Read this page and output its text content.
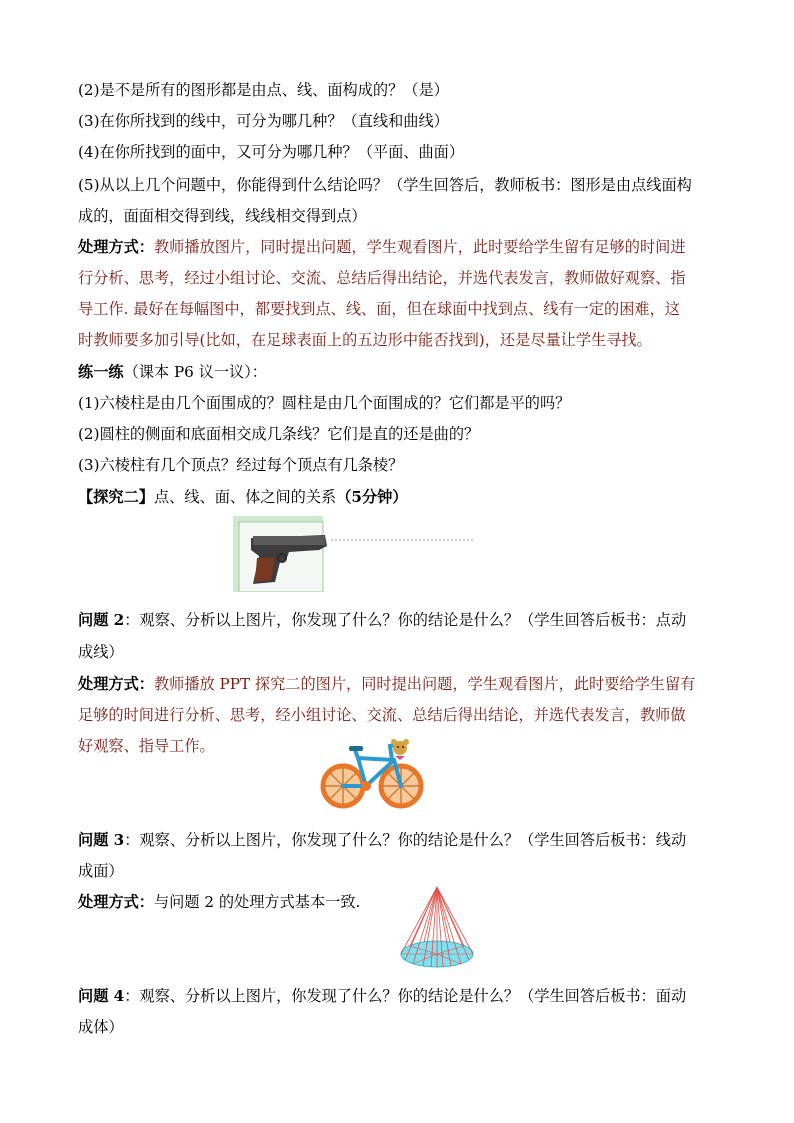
(2)是不是所有的图形都是由点、线、面构成的？（是）
(3)在你所找到的线中，可分为哪几种？（直线和曲线）
(4)在你所找到的面中，又可分为哪几种？（平面、曲面）
(5)从以上几个问题中，你能得到什么结论吗？（学生回答后，教师板书：图形是由点线面构
成的，面面相交得到线，线线相交得到点）
处理方式：教师播放图片，同时提出问题，学生观看图片，此时要给学生留有足够的时间进
行分析、思考，经过小组讨论、交流、总结后得出结论，并选代表发言，教师做好观察、指
导工作. 最好在每幅图中，都要找到点、线、面，但在球面中找到点、线有一定的困难，这
时教师要多加引导(比如，在足球表面上的五边形中能否找到)，还是尽量让学生寻找。
练一练（课本 P6 议一议）：
(1)六棱柱是由几个面围成的？圆柱是由几个面围成的？它们都是平的吗？
(2)圆柱的侧面和底面相交成几条线？它们是直的还是曲的？
(3)六棱柱有几个顶点？经过每个顶点有几条棱？
【探究二】点、线、面、体之间的关系（5分钟）
问题 2：观察、分析以上图片，你发现了什么？你的结论是什么？（学生回答后板书：点动
成线）
处理方式：教师播放 PPT 探究二的图片，同时提出问题，学生观看图片，此时要给学生留有
足够的时间进行分析、思考，经小组讨论、交流、总结后得出结论，并选代表发言，教师做
好观察、指导工作。
问题 3：观察、分析以上图片，你发现了什么？你的结论是什么？（学生回答后板书：线动
成面）
处理方式：与问题 2 的处理方式基本一致.
问题 4：观察、分析以上图片，你发现了什么？你的结论是什么？（学生回答后板书：面动
成体）
